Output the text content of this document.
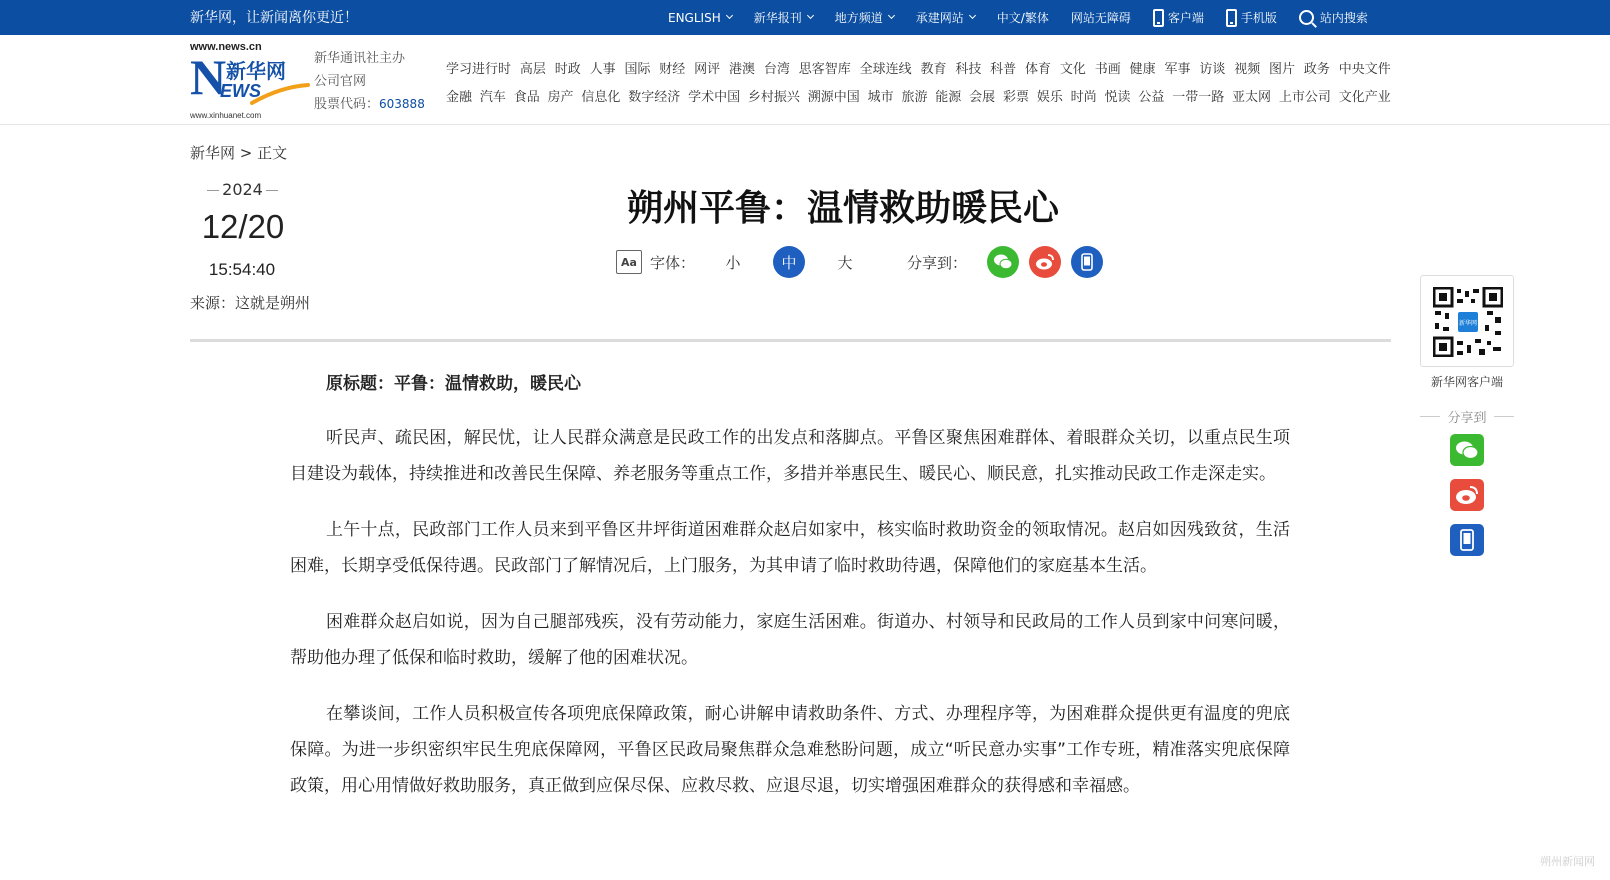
新华网，让新闻离你更近！	ENGLISH	新华报刊	地方频道	承建网站	中文/繁体 网站无障碍	客户端	手机版	站内搜索
www.news.cn
N 新华网
EWS
www.xinhuanet.com
新华通讯社主办
公司官网
股票代码：603888
学习进行时 高层 时政 人事 国际 财经 网评 港澳 台湾 思客智库 全球连线 教育 科技 科普 体育 文化 书画 健康 军事 访谈 视频 图片 政务 中央文件
金融 汽车 食品 房产 信息化 数字经济 学术中国 乡村振兴 溯源中国 城市 旅游 能源 会展 彩票 娱乐 时尚 悦读 公益 一带一路 亚太网 上市公司 文化产业
新华网 > 正文
2024
12/20
15:54:40
来源：这就是朔州
朔州平鲁：温情救助暖民心
Aa 字体：	小	中	大	分享到：

原标题：平鲁：温情救助，暖民心

听民声、疏民困，解民忧，让人民群众满意是民政工作的出发点和落脚点。平鲁区聚焦困难群体、着眼群众关切，以重点民生项目建设为载体，持续推进和改善民生保障、养老服务等重点工作，多措并举惠民生、暖民心、顺民意，扎实推动民政工作走深走实。

上午十点，民政部门工作人员来到平鲁区井坪街道困难群众赵启如家中，核实临时救助资金的领取情况。赵启如因残致贫，生活困难，长期享受低保待遇。民政部门了解情况后，上门服务，为其申请了临时救助待遇，保障他们的家庭基本生活。

困难群众赵启如说，因为自己腿部残疾，没有劳动能力，家庭生活困难。街道办、村领导和民政局的工作人员到家中问寒问暖，帮助他办理了低保和临时救助，缓解了他的困难状况。

在攀谈间，工作人员积极宣传各项兜底保障政策，耐心讲解申请救助条件、方式、办理程序等，为困难群众提供更有温度的兜底保障。为进一步织密织牢民生兜底保障网，平鲁区民政局聚焦群众急难愁盼问题，成立“听民意办实事”工作专班，精准落实兜底保障政策，用心用情做好救助服务，真正做到应保尽保、应救尽救、应退尽退，切实增强困难群众的获得感和幸福感。

新华网
新华网客户端
分享到
朔州新闻网
